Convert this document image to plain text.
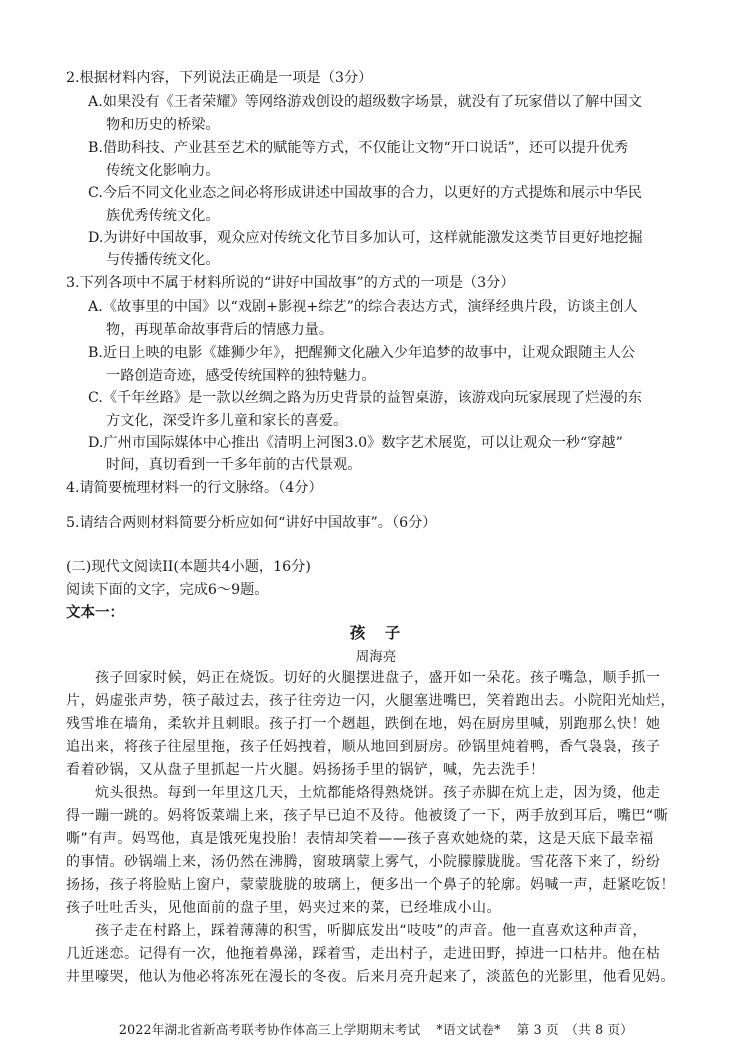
2.根据材料内容，下列说法正确是一项是（3分）
A.如果没有《王者荣耀》等网络游戏创设的超级数字场景，就没有了玩家借以了解中国文
物和历史的桥梁。
B.借助科技、产业甚至艺术的赋能等方式，不仅能让文物“开口说话”，还可以提升优秀
传统文化影响力。
C.今后不同文化业态之间必将形成讲述中国故事的合力，以更好的方式提炼和展示中华民
族优秀传统文化。
D.为讲好中国故事，观众应对传统文化节目多加认可，这样就能激发这类节目更好地挖掘
与传播传统文化。
3.下列各项中不属于材料所说的“讲好中国故事”的方式的一项是（3分）
A.《故事里的中国》以“戏剧+影视+综艺”的综合表达方式，演绎经典片段，访谈主创人
物，再现革命故事背后的情感力量。
B.近日上映的电影《雄狮少年》，把醒狮文化融入少年追梦的故事中，让观众跟随主人公
一路创造奇迹，感受传统国粹的独特魅力。
C.《千年丝路》是一款以丝绸之路为历史背景的益智桌游，该游戏向玩家展现了烂漫的东
方文化，深受许多儿童和家长的喜爱。
D.广州市国际媒体中心推出《清明上河图3.0》数字艺术展览，可以让观众一秒“穿越”
时间，真切看到一千多年前的古代景观。
4.请简要梳理材料一的行文脉络。（4分）
5.请结合两则材料简要分析应如何“讲好中国故事”。（6分）
(二)现代文阅读II(本题共4小题，16分)
阅读下面的文字，完成6～9题。
文本一：
孩　子
周海亮
　　孩子回家时候，妈正在烧饭。切好的火腿摆进盘子，盛开如一朵花。孩子嘴急，顺手抓一
片，妈虚张声势，筷子敲过去，孩子往旁边一闪，火腿塞进嘴巴，笑着跑出去。小院阳光灿烂，
残雪堆在墙角，柔软并且刺眼。孩子打一个趔趄，跌倒在地，妈在厨房里喊，别跑那么快！她
追出来，将孩子往屋里拖，孩子任妈拽着，顺从地回到厨房。砂锅里炖着鸭，香气袅袅，孩子
看着砂锅，又从盘子里抓起一片火腿。妈扬扬手里的锅铲，喊，先去洗手！
　　炕头很热。每到一年里这几天，土炕都能烙得熟烧饼。孩子赤脚在炕上走，因为烫，他走
得一蹦一跳的。妈将饭菜端上来，孩子早已迫不及待。他被烫了一下，两手放到耳后，嘴巴“嘶
嘶”有声。妈骂他，真是饿死鬼投胎！表情却笑着——孩子喜欢她烧的菜，这是天底下最幸福
的事情。砂锅端上来，汤仍然在沸腾，窗玻璃蒙上雾气，小院朦朦胧胧。雪花落下来了，纷纷
扬扬，孩子将脸贴上窗户，蒙蒙胧胧的玻璃上，便多出一个鼻子的轮廓。妈喊一声，赶紧吃饭！
孩子吐吐舌头，见他面前的盘子里，妈夹过来的菜，已经堆成小山。
　　孩子走在村路上，踩着薄薄的积雪，听脚底发出“吱吱”的声音。他一直喜欢这种声音，
几近迷恋。记得有一次，他拖着鼻涕，踩着雪，走出村子，走进田野，掉进一口枯井。他在枯
井里嚎哭，他认为他必将冻死在漫长的冬夜。后来月亮升起来了，淡蓝色的光影里，他看见妈。
2022年湖北省新高考联考协作体高三上学期期末考试 *语文试卷* 第 3 页　（共 8 页）
